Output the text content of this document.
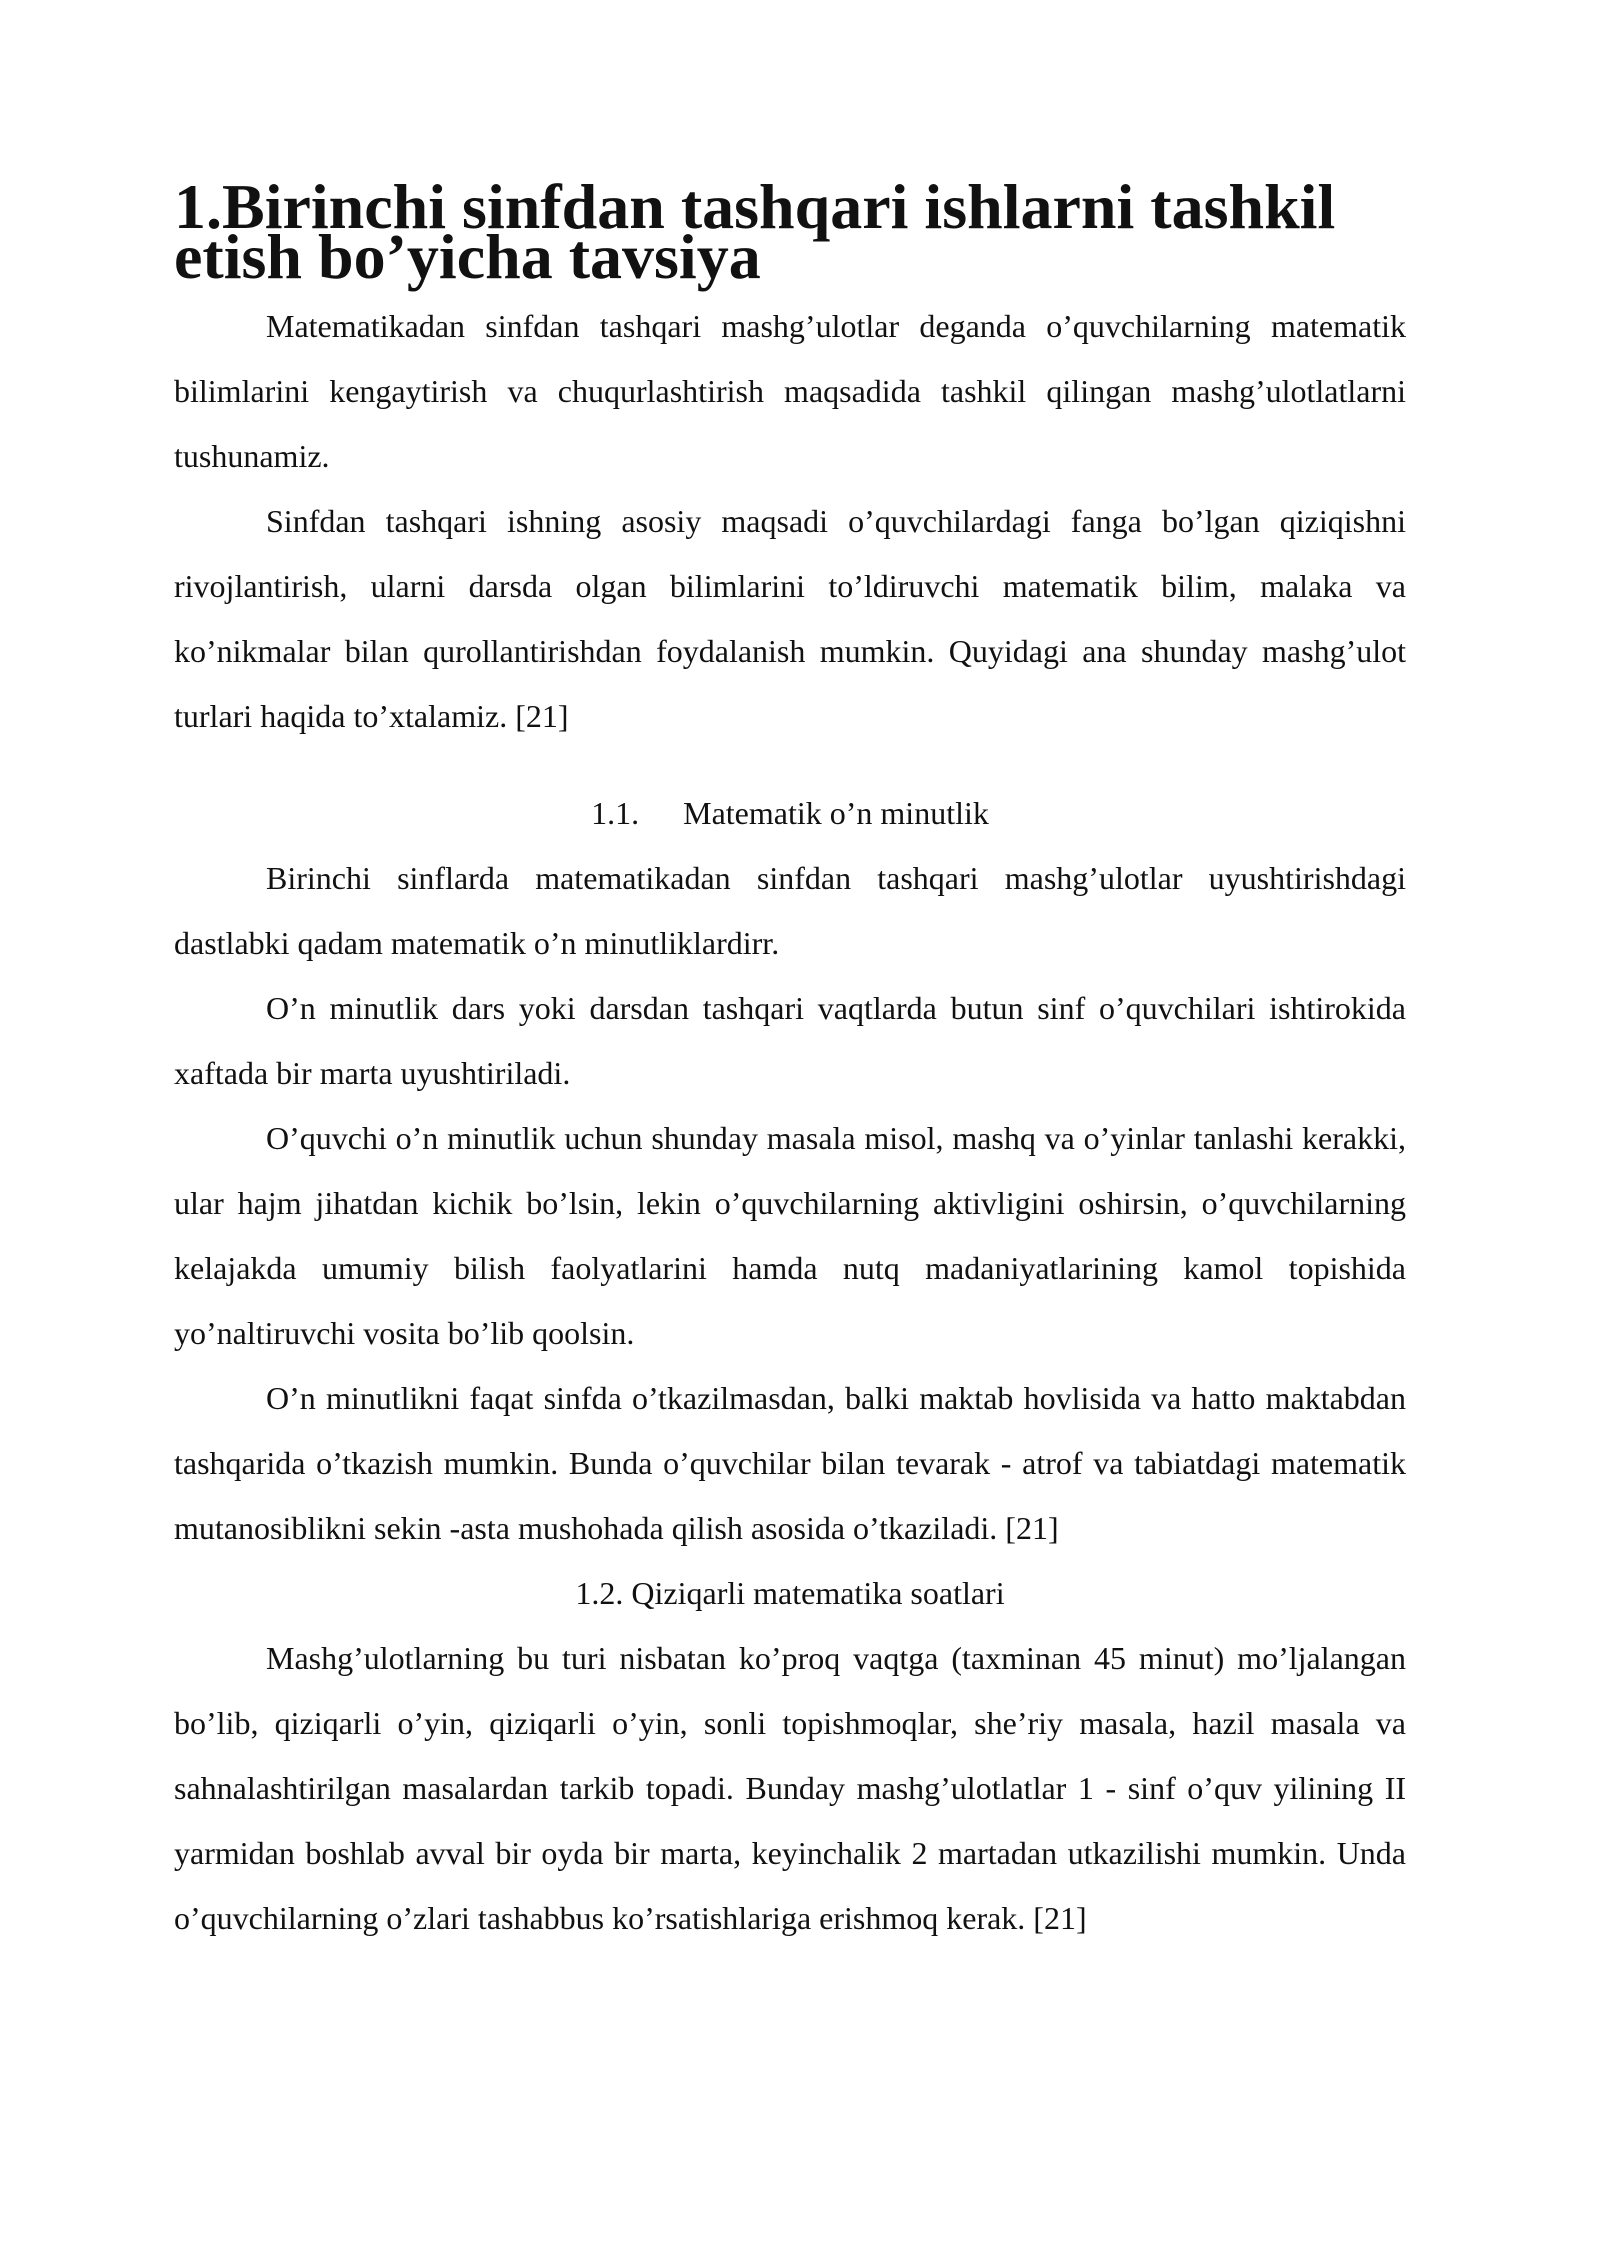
1.Birinchi sinfdan tashqari ishlarni tashkil etish bo’yicha tavsiya

Matematikadan sinfdan tashqari mashg’ulotlar deganda o’quvchilarning matematik bilimlarini kengaytirish va chuqurlashtirish maqsadida tashkil qilingan mashg’ulotlatlarni tushunamiz.

Sinfdan tashqari ishning asosiy maqsadi o’quvchilardagi fanga bo’lgan qiziqishni rivojlantirish, ularni darsda olgan bilimlarini to’ldiruvchi matematik bilim, malaka va ko’nikmalar bilan qurollantirishdan foydalanish mumkin. Quyidagi ana shunday mashg’ulot turlari haqida to’xtalamiz. [21]

1.1. Matematik o’n minutlik

Birinchi sinflarda matematikadan sinfdan tashqari mashg’ulotlar uyushtirishdagi dastlabki qadam matematik o’n minutliklardirr.

O’n minutlik dars yoki darsdan tashqari vaqtlarda butun sinf o’quvchilari ishtirokida xaftada bir marta uyushtiriladi.

O’quvchi o’n minutlik uchun shunday masala misol, mashq va o’yinlar tanlashi kerakki, ular hajm jihatdan kichik bo’lsin, lekin o’quvchilarning aktivligini oshirsin, o’quvchilarning kelajakda umumiy bilish faolyatlarini hamda nutq madaniyatlarining kamol topishida yo’naltiruvchi vosita bo’lib qoolsin.

O’n minutlikni faqat sinfda o’tkazilmasdan, balki maktab hovlisida va hatto maktabdan tashqarida o’tkazish mumkin. Bunda o’quvchilar bilan tevarak - atrof va tabiatdagi matematik mutanosiblikni sekin -asta mushohada qilish asosida o’tkaziladi. [21]

1.2. Qiziqarli matematika soatlari

Mashg’ulotlarning bu turi nisbatan ko’proq vaqtga (taxminan 45 minut) mo’ljalangan bo’lib, qiziqarli o’yin, qiziqarli o’yin, sonli topishmoqlar, she’riy masala, hazil masala va sahnalashtirilgan masalardan tarkib topadi. Bunday mashg’ulotlatlar 1 - sinf o’quv yilining II yarmidan boshlab avval bir oyda bir marta, keyinchalik 2 martadan utkazilishi mumkin. Unda o’quvchilarning o’zlari tashabbus ko’rsatishlariga erishmoq kerak. [21]
